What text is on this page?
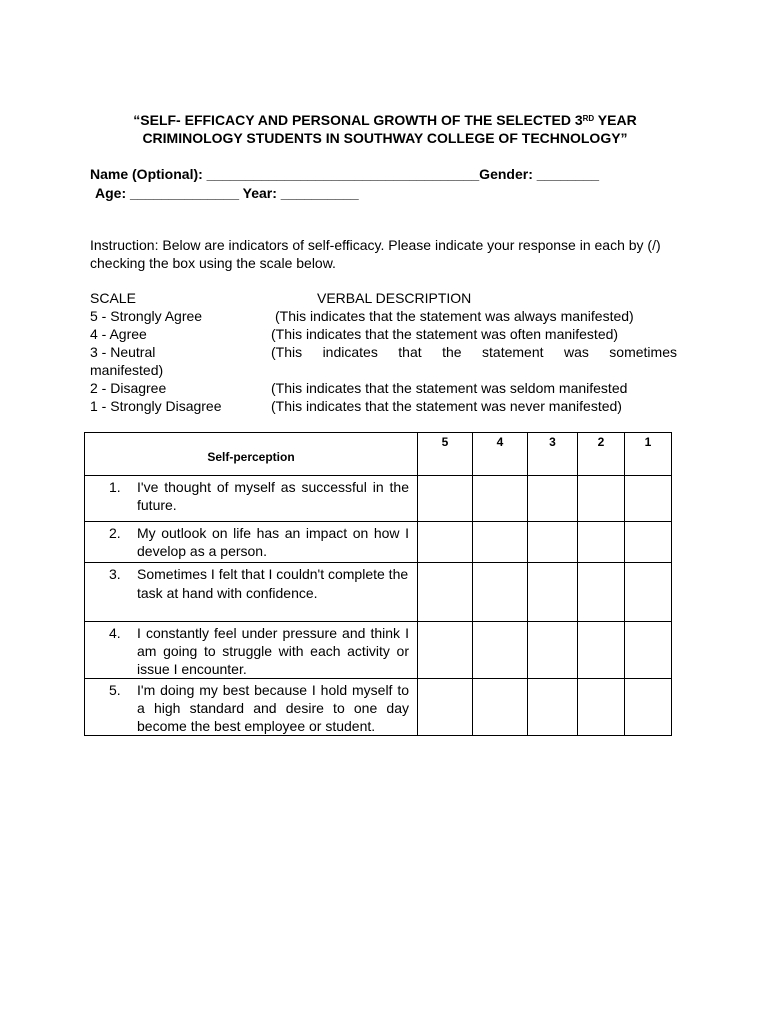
“SELF- EFFICACY AND PERSONAL GROWTH OF THE SELECTED 3RD YEAR
CRIMINOLOGY STUDENTS IN SOUTHWAY COLLEGE OF TECHNOLOGY”
Name (Optional): ___________________________________Gender: ________
Age: ______________ Year: __________
Instruction: Below are indicators of self-efficacy. Please indicate your response in each by (/) checking the box using the scale below.
SCALE	VERBAL DESCRIPTION
5 - Strongly Agree	(This indicates that the statement was always manifested)
4 - Agree	(This indicates that the statement was often manifested)
3 - Neutral	(This indicates that the statement was sometimes
manifested)
2 - Disagree	(This indicates that the statement was seldom manifested
1 - Strongly Disagree	(This indicates that the statement was never manifested)
Self-perception	5	4	3	2	1

1. I've thought of myself as successful in the future.					

2. My outlook on life has an impact on how I develop as a person.					

3. Sometimes I felt that I couldn't complete the task at hand with confidence.					

4. I constantly feel under pressure and think I am going to struggle with each activity or issue I encounter.					

5. I'm doing my best because I hold myself to a high standard and desire to one day become the best employee or student.					
